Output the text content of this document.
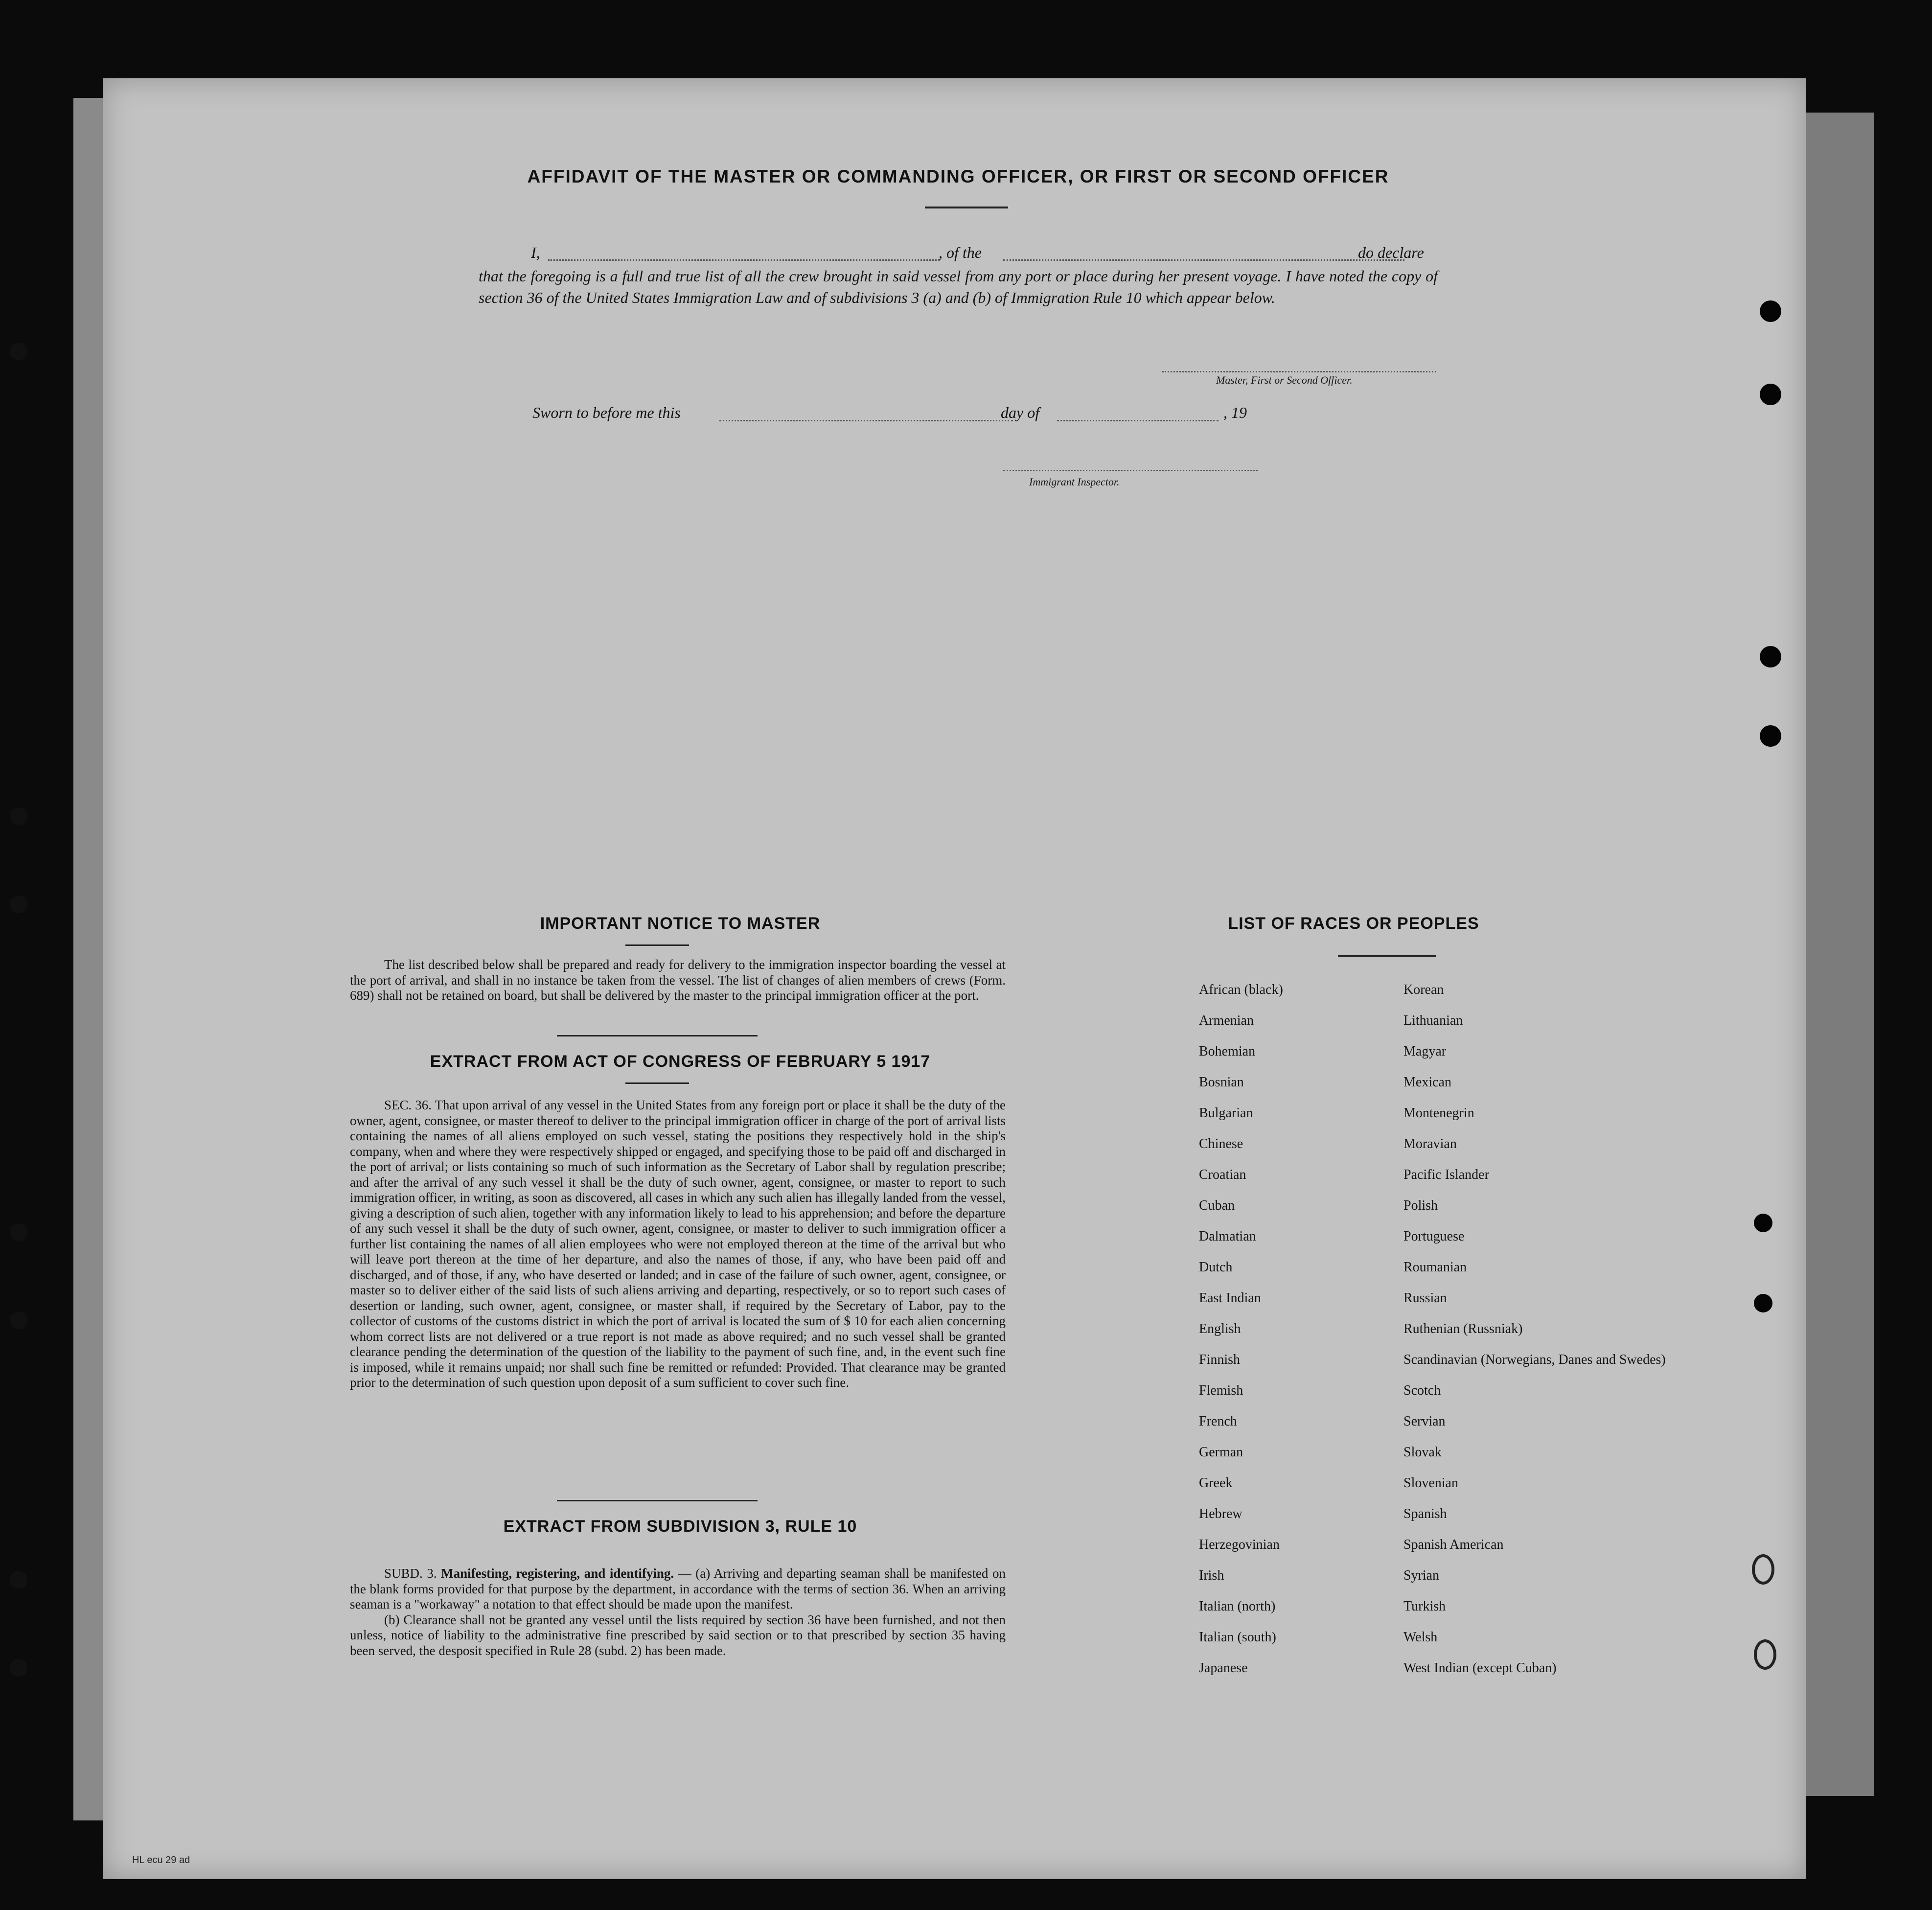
AFFIDAVIT OF THE MASTER OR COMMANDING OFFICER, OR FIRST OR SECOND OFFICER
I,	, of the	do declare
that the foregoing is a full and true list of all the crew brought in said vessel from any port or place during her present voyage. I have noted the copy of section 36 of the United States Immigration Law and of subdivisions 3 (a) and (b) of Immigration Rule 10 which appear below.
Master, First or Second Officer.
Sworn to before me this	day of	, 19
Immigrant Inspector.
IMPORTANT NOTICE TO MASTER

The list described below shall be prepared and ready for delivery to the immigration inspector boarding the vessel at the port of arrival, and shall in no instance be taken from the vessel. The list of changes of alien members of crews (Form. 689) shall not be retained on board, but shall be delivered by the master to the principal immigration officer at the port.

EXTRACT FROM ACT OF CONGRESS OF FEBRUARY 5 1917

SEC. 36. That upon arrival of any vessel in the United States from any foreign port or place it shall be the duty of the owner, agent, consignee, or master thereof to deliver to the principal immigration officer in charge of the port of arrival lists containing the names of all aliens employed on such vessel, stating the positions they respectively hold in the ship's company, when and where they were respectively shipped or engaged, and specifying those to be paid off and discharged in the port of arrival; or lists containing so much of such information as the Secretary of Labor shall by regulation prescribe; and after the arrival of any such vessel it shall be the duty of such owner, agent, consignee, or master to report to such immigration officer, in writing, as soon as discovered, all cases in which any such alien has illegally landed from the vessel, giving a description of such alien, together with any information likely to lead to his apprehension; and before the departure of any such vessel it shall be the duty of such owner, agent, consignee, or master to deliver to such immigration officer a further list containing the names of all alien employees who were not employed thereon at the time of the arrival but who will leave port thereon at the time of her departure, and also the names of those, if any, who have been paid off and discharged, and of those, if any, who have deserted or landed; and in case of the failure of such owner, agent, consignee, or master so to deliver either of the said lists of such aliens arriving and departing, respectively, or so to report such cases of desertion or landing, such owner, agent, consignee, or master shall, if required by the Secretary of Labor, pay to the collector of customs of the customs district in which the port of arrival is located the sum of $ 10 for each alien concerning whom correct lists are not delivered or a true report is not made as above required; and no such vessel shall be granted clearance pending the determination of the question of the liability to the payment of such fine, and, in the event such fine is imposed, while it remains unpaid; nor shall such fine be remitted or refunded: Provided. That clearance may be granted prior to the determination of such question upon deposit of a sum sufficient to cover such fine.

EXTRACT FROM SUBDIVISION 3, RULE 10

SUBD. 3. Manifesting, registering, and identifying. — (a) Arriving and departing seaman shall be manifested on the blank forms provided for that purpose by the department, in accordance with the terms of section 36. When an arriving seaman is a "workaway" a notation to that effect should be made upon the manifest.

(b) Clearance shall not be granted any vessel until the lists required by section 36 have been furnished, and not then unless, notice of liability to the administrative fine prescribed by said section or to that prescribed by section 35 having been served, the desposit specified in Rule 28 (subd. 2) has been made.

LIST OF RACES OR PEOPLES
African (black)
Armenian
Bohemian
Bosnian
Bulgarian
Chinese
Croatian
Cuban
Dalmatian
Dutch
East Indian
English
Finnish
Flemish
French
German
Greek
Hebrew
Herzegovinian
Irish
Italian (north)
Italian (south)
Japanese
Korean
Lithuanian
Magyar
Mexican
Montenegrin
Moravian
Pacific Islander
Polish
Portuguese
Roumanian
Russian
Ruthenian (Russniak)
Scandinavian (Norwegians, Danes and Swedes)
Scotch
Servian
Slovak
Slovenian
Spanish
Spanish American
Syrian
Turkish
Welsh
West Indian (except Cuban)
HL ecu 29 ad
